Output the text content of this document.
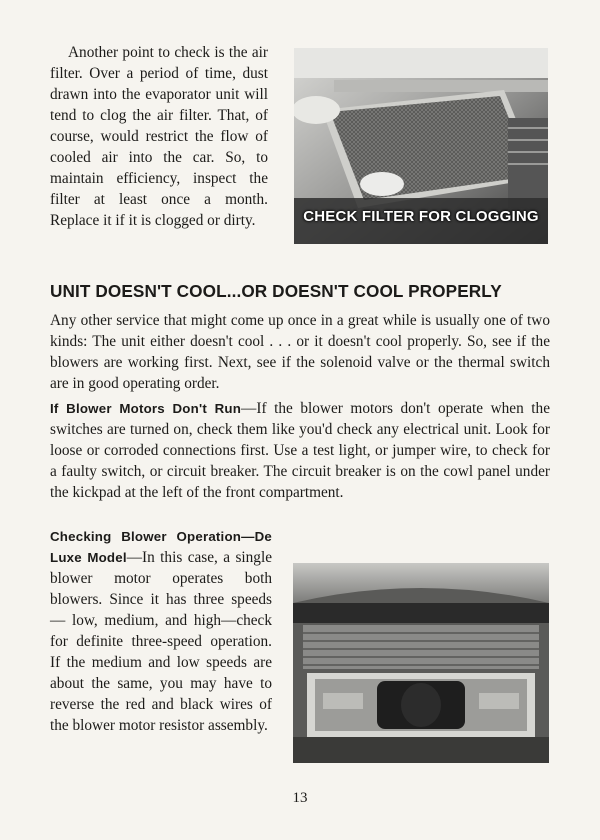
Another point to check is the air filter. Over a period of time, dust drawn into the evaporator unit will tend to clog the air filter. That, of course, would restrict the flow of cooled air into the car. So, to maintain efficiency, inspect the filter at least once a month. Replace it if it is clogged or dirty.	CHECK FILTER FOR CLOGGING
UNIT DOESN'T COOL...OR DOESN'T COOL PROPERLY

Any other service that might come up once in a great while is usually one of two kinds: The unit either doesn't cool . . . or it doesn't cool properly. So, see if the blowers are working first. Next, see if the solenoid valve or the thermal switch are in good operating order.

If Blower Motors Don't Run—If the blower motors don't operate when the switches are turned on, check them like you'd check any electrical unit. Look for loose or corroded connections first. Use a test light, or jumper wire, to check for a faulty switch, or circuit breaker. The circuit breaker is on the cowl panel under the kickpad at the left of the front compartment.

Checking Blower Operation—De Luxe Model—In this case, a single blower motor operates both blowers. Since it has three speeds — low, medium, and high—check for definite three-speed operation. If the medium and low speeds are about the same, you may have to reverse the red and black wires of the blower motor resistor assembly.

13
